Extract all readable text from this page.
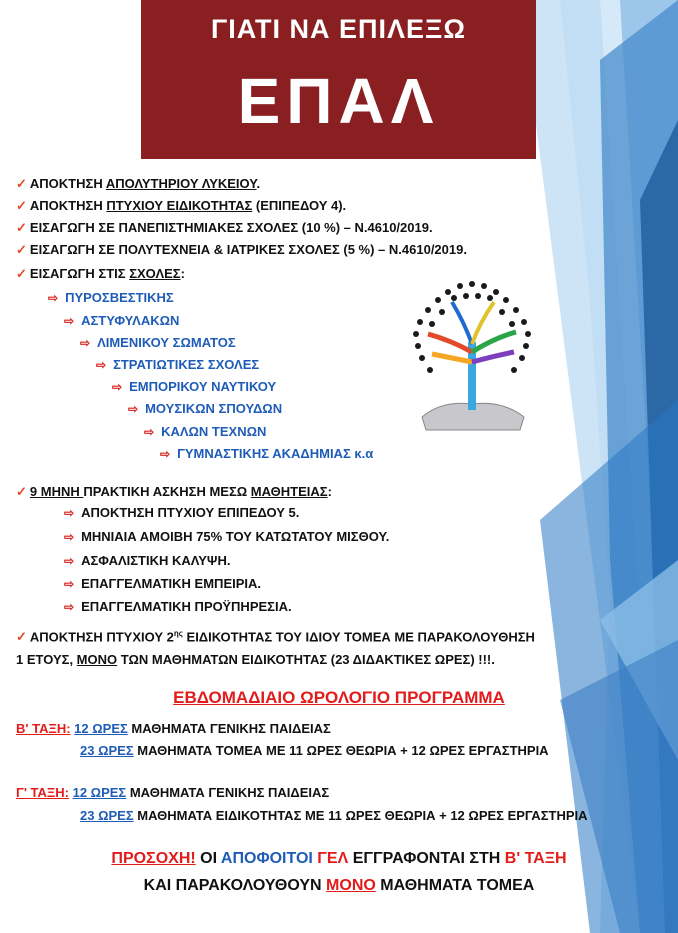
ΓΙΑΤΙ ΝΑ ΕΠΙΛΕΞΩ
ΕΠΑΛ
✓ ΑΠΟΚΤΗΣΗ ΑΠΟΛΥΤΗΡΙΟΥ ΛΥΚΕΙΟΥ.
✓ ΑΠΟΚΤΗΣΗ ΠΤΥΧΙΟΥ ΕΙΔΙΚΟΤΗΤΑΣ (ΕΠΙΠΕΔΟΥ 4).
✓ ΕΙΣΑΓΩΓΗ ΣΕ ΠΑΝΕΠΙΣΤΗΜΙΑΚΕΣ ΣΧΟΛΕΣ (10 %) – Ν.4610/2019.
✓ ΕΙΣΑΓΩΓΗ ΣΕ ΠΟΛΥΤΕΧΝΕΙΑ & ΙΑΤΡΙΚΕΣ ΣΧΟΛΕΣ (5 %) – Ν.4610/2019.
✓ ΕΙΣΑΓΩΓΗ ΣΤΙΣ ΣΧΟΛΕΣ:
⇨ ΠΥΡΟΣΒΕΣΤΙΚΗΣ
⇨ ΑΣΤΥΦΥΛΑΚΩΝ
⇨ ΛΙΜΕΝΙΚΟΥ ΣΩΜΑΤΟΣ
⇨ ΣΤΡΑΤΙΩΤΙΚΕΣ ΣΧΟΛΕΣ
⇨ ΕΜΠΟΡΙΚΟΥ ΝΑΥΤΙΚΟΥ
⇨ ΜΟΥΣΙΚΩΝ ΣΠΟΥΔΩΝ
⇨ ΚΑΛΩΝ ΤΕΧΝΩΝ
⇨ ΓΥΜΝΑΣΤΙΚΗΣ ΑΚΑΔΗΜΙΑΣ κ.α
✓ 9 ΜΗΝΗ ΠΡΑΚΤΙΚΗ ΑΣΚΗΣΗ ΜΕΣΩ ΜΑΘΗΤΕΙΑΣ:
⇨ ΑΠΟΚΤΗΣΗ ΠΤΥΧΙΟΥ ΕΠΙΠΕΔΟΥ 5.
⇨ ΜΗΝΙΑΙΑ ΑΜΟΙΒΗ 75% ΤΟΥ ΚΑΤΩΤΑΤΟΥ ΜΙΣΘΟΥ.
⇨ ΑΣΦΑΛΙΣΤΙΚΗ ΚΑΛΥΨΗ.
⇨ ΕΠΑΓΓΕΛΜΑΤΙΚΗ ΕΜΠΕΙΡΙΑ.
⇨ ΕΠΑΓΓΕΛΜΑΤΙΚΗ ΠΡΟΫΠΗΡΕΣΙΑ.
✓ ΑΠΟΚΤΗΣΗ ΠΤΥΧΙΟΥ $2^{\eta\varsigma}$ ΕΙΔΙΚΟΤΗΤΑΣ ΤΟΥ ΙΔΙΟΥ ΤΟΜΕΑ ΜΕ ΠΑΡΑΚΟΛΟΥΘΗΣΗ
1 ΕΤΟΥΣ, ΜΟΝΟ ΤΩΝ ΜΑΘΗΜΑΤΩΝ ΕΙΔΙΚΟΤΗΤΑΣ (23 ΔΙΔΑΚΤΙΚΕΣ ΩΡΕΣ) !!!.
ΕΒΔΟΜΑΔΙΑΙΟ ΩΡΟΛΟΓΙΟ ΠΡΟΓΡΑΜΜΑ
Β' ΤΑΞΗ: 12 ΩΡΕΣ ΜΑΘΗΜΑΤΑ ΓΕΝΙΚΗΣ ΠΑΙΔΕΙΑΣ
23 ΩΡΕΣ ΜΑΘΗΜΑΤΑ ΤΟΜΕΑ ΜΕ 11 ΩΡΕΣ ΘΕΩΡΙΑ + 12 ΩΡΕΣ ΕΡΓΑΣΤΗΡΙΑ
Γ' ΤΑΞΗ: 12 ΩΡΕΣ ΜΑΘΗΜΑΤΑ ΓΕΝΙΚΗΣ ΠΑΙΔΕΙΑΣ
23 ΩΡΕΣ ΜΑΘΗΜΑΤΑ ΕΙΔΙΚΟΤΗΤΑΣ ΜΕ 11 ΩΡΕΣ ΘΕΩΡΙΑ + 12 ΩΡΕΣ ΕΡΓΑΣΤΗΡΙΑ
ΠΡΟΣΟΧΗ! ΟΙ ΑΠΟΦΟΙΤΟΙ ΓΕΛ ΕΓΓΡΑΦΟΝΤΑΙ ΣΤΗ Β' ΤΑΞΗ
ΚΑΙ ΠΑΡΑΚΟΛΟΥΘΟΥΝ ΜΟΝΟ ΜΑΘΗΜΑΤΑ ΤΟΜΕΑ
